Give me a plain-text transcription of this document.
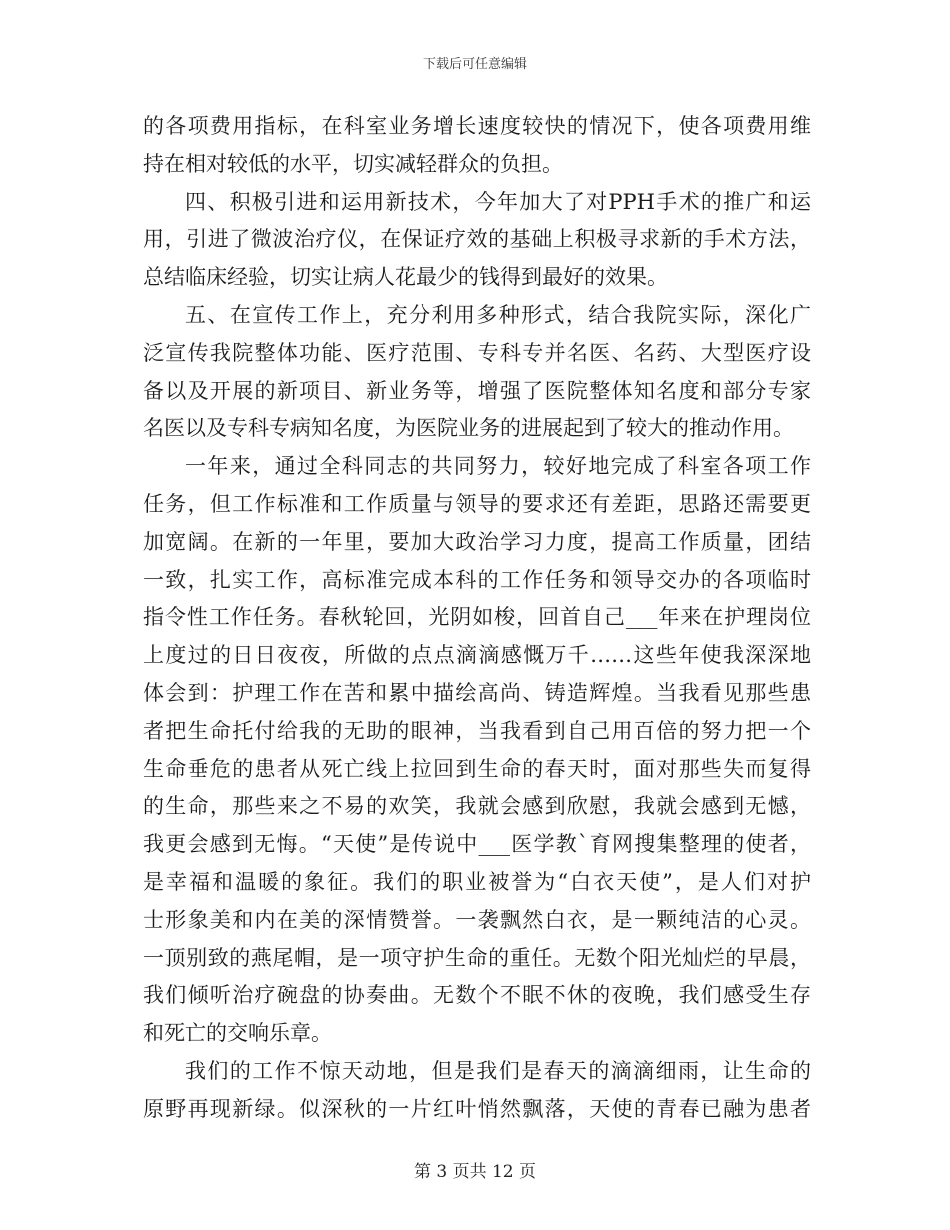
下载后可任意编辑
的各项费用指标，在科室业务增长速度较快的情况下，使各项费用维
持在相对较低的水平，切实减轻群众的负担。
四、积极引进和运用新技术，今年加大了对PPH手术的推广和运
用，引进了微波治疗仪，在保证疗效的基础上积极寻求新的手术方法，
总结临床经验，切实让病人花最少的钱得到最好的效果。
五、在宣传工作上，充分利用多种形式，结合我院实际，深化广
泛宣传我院整体功能、医疗范围、专科专并名医、名药、大型医疗设
备以及开展的新项目、新业务等，增强了医院整体知名度和部分专家
名医以及专科专病知名度，为医院业务的进展起到了较大的推动作用。
一年来，通过全科同志的共同努力，较好地完成了科室各项工作
任务，但工作标准和工作质量与领导的要求还有差距，思路还需要更
加宽阔。在新的一年里，要加大政治学习力度，提高工作质量，团结
一致，扎实工作，高标准完成本科的工作任务和领导交办的各项临时
指令性工作任务。春秋轮回，光阴如梭，回首自己___年来在护理岗位
上度过的日日夜夜，所做的点点滴滴感慨万千……这些年使我深深地
体会到：护理工作在苦和累中描绘高尚、铸造辉煌。当我看见那些患
者把生命托付给我的无助的眼神，当我看到自己用百倍的努力把一个
生命垂危的患者从死亡线上拉回到生命的春天时，面对那些失而复得
的生命，那些来之不易的欢笑，我就会感到欣慰，我就会感到无憾，
我更会感到无悔。“天使”是传说中___医学教`育网搜集整理的使者，
是幸福和温暖的象征。我们的职业被誉为“白衣天使”，是人们对护
士形象美和内在美的深情赞誉。一袭飘然白衣，是一颗纯洁的心灵。
一顶别致的燕尾帽，是一项守护生命的重任。无数个阳光灿烂的早晨，
我们倾听治疗碗盘的协奏曲。无数个不眠不休的夜晚，我们感受生存
和死亡的交响乐章。
我们的工作不惊天动地，但是我们是春天的滴滴细雨，让生命的
原野再现新绿。似深秋的一片红叶悄然飘落，天使的青春已融为患者
第 3 页共 12 页
